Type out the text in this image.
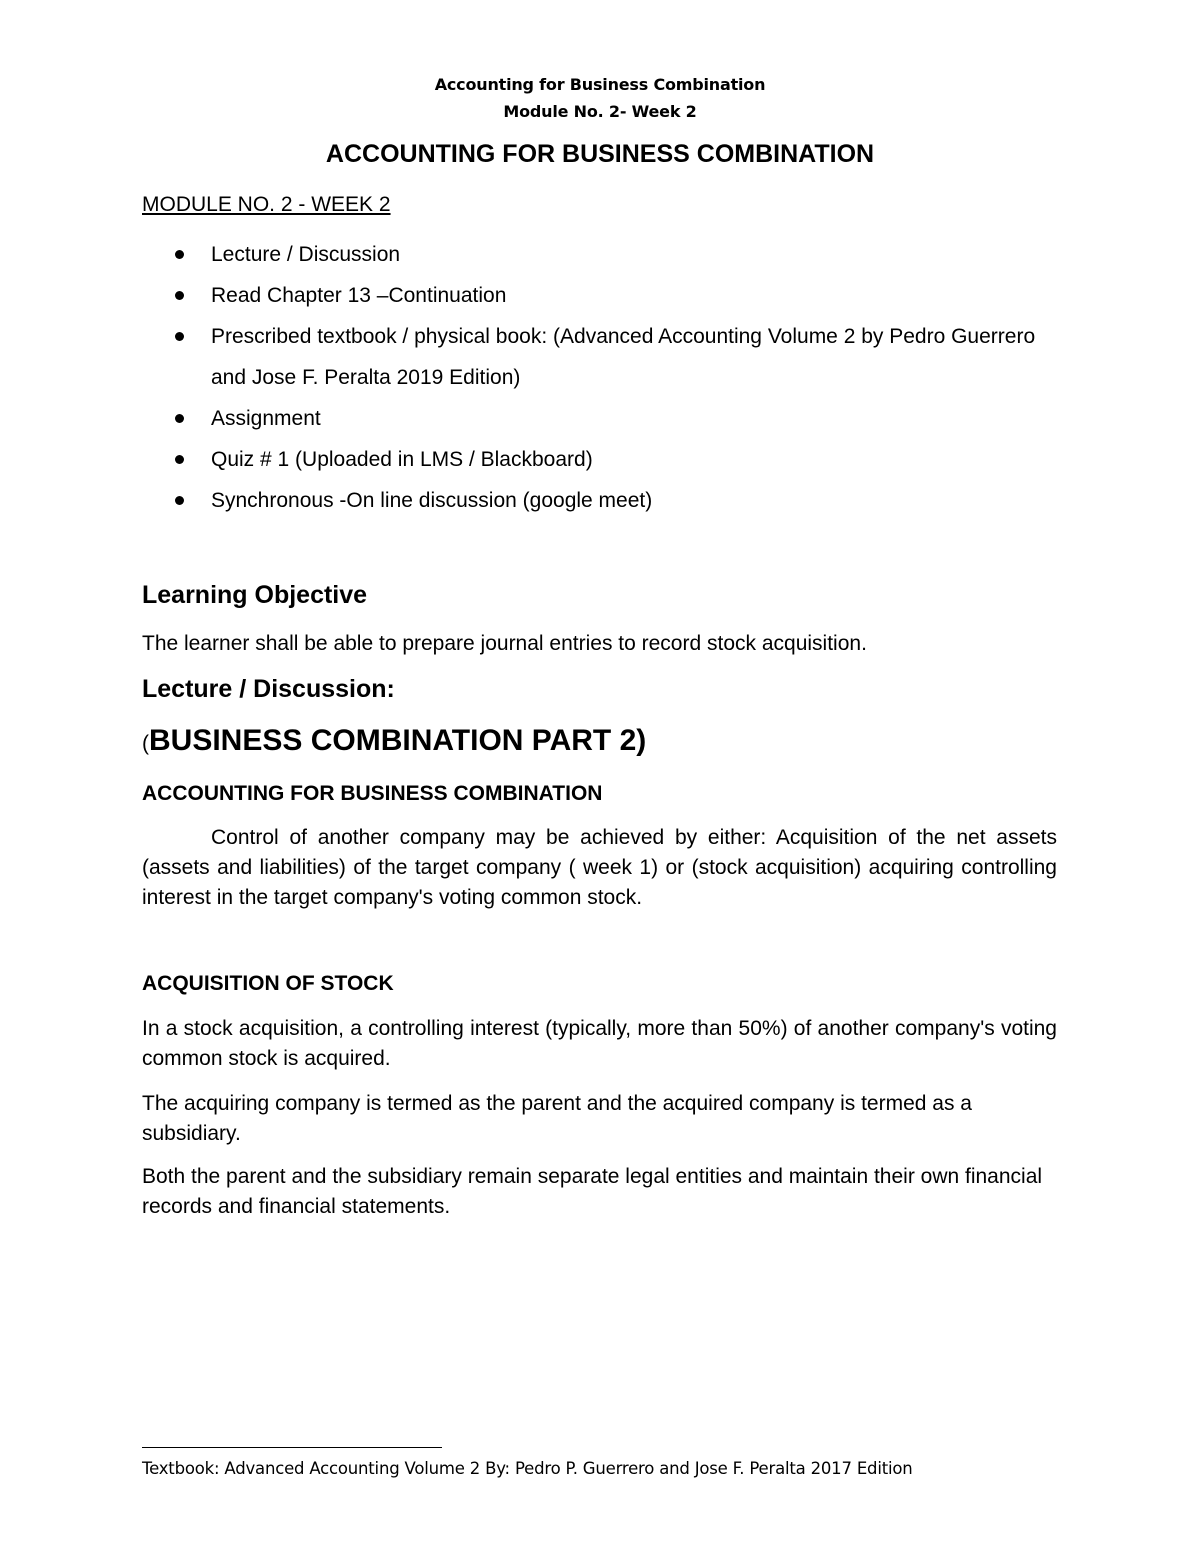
Accounting for Business Combination
Module No. 2- Week 2
ACCOUNTING FOR BUSINESS COMBINATION
MODULE NO. 2 - WEEK 2
Lecture / Discussion
Read Chapter 13 –Continuation
Prescribed textbook / physical book: (Advanced Accounting Volume 2 by Pedro Guerrero and Jose F. Peralta 2019 Edition)
Assignment
Quiz # 1 (Uploaded in LMS / Blackboard)
Synchronous -On line discussion (google meet)
Learning Objective
The learner shall be able to prepare journal entries to record stock acquisition.
Lecture / Discussion:
(BUSINESS COMBINATION PART 2)
ACCOUNTING FOR BUSINESS COMBINATION

Control of another company may be achieved by either: Acquisition of the net assets (assets and liabilities) of the target company ( week 1) or (stock acquisition) acquiring controlling interest in the target company's voting common stock.

ACQUISITION OF STOCK

In a stock acquisition, a controlling interest (typically, more than 50%) of another company's voting common stock is acquired.

The acquiring company is termed as the parent and the acquired company is termed as a subsidiary.

Both the parent and the subsidiary remain separate legal entities and maintain their own financial records and financial statements.

Textbook: Advanced Accounting Volume 2 By: Pedro P. Guerrero and Jose F. Peralta 2017 Edition
